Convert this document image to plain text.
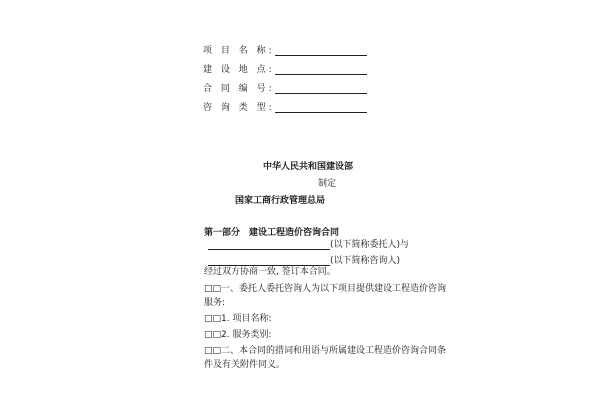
项 目 名 称:
建 设 地 点:
合 同 编 号:
咨 询 类 型:
中华人民共和国建设部
制定
国家工商行政管理总局
第一部分　建设工程造价咨询合同
(以下简称委托人)与
(以下简称咨询人)
经过双方协商一致, 签订本合同。
□□一、委托人委托咨询人为以下项目提供建设工程造价咨询
服务:
□□1. 项目名称:
□□2. 服务类别:
□□二、本合同的措词和用语与所属建设工程造价咨询合同条
件及有关附件同义。
